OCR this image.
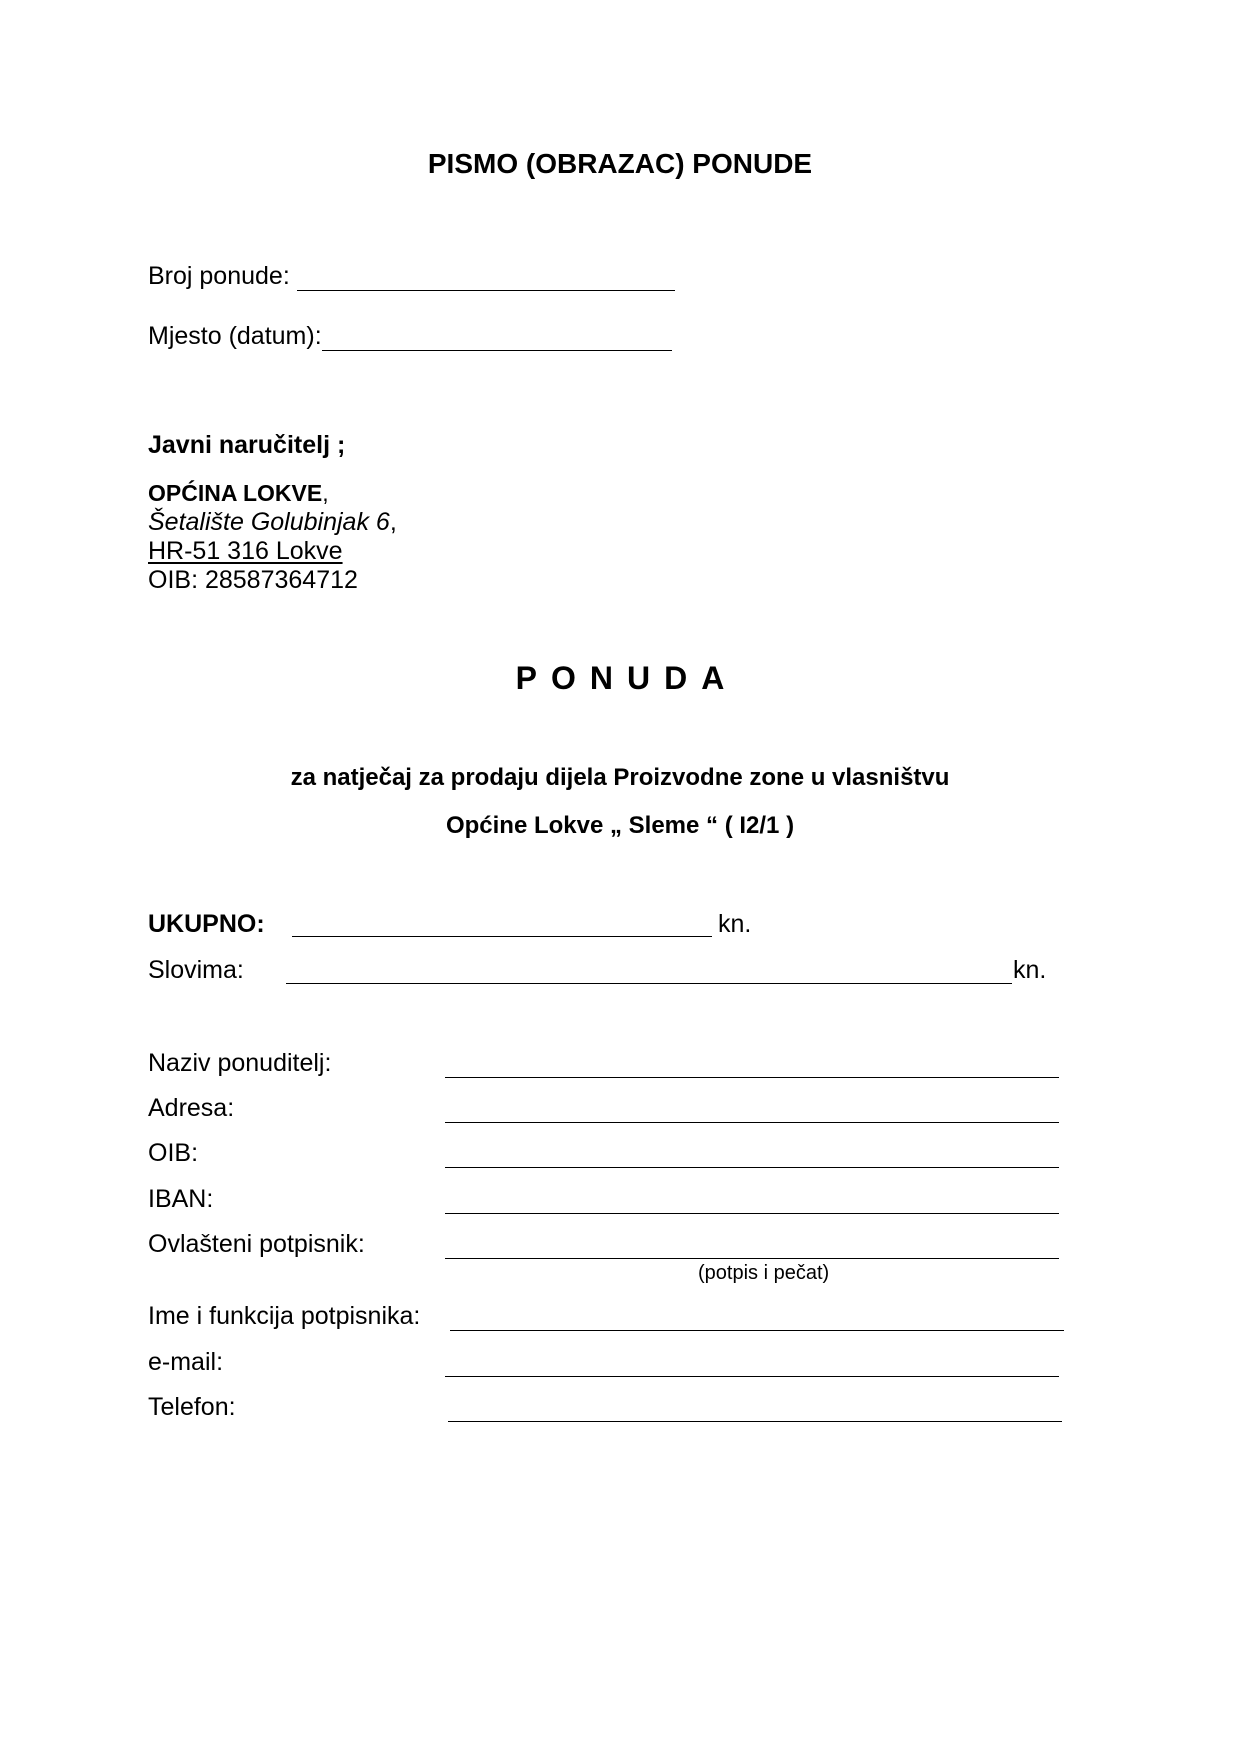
PISMO (OBRAZAC) PONUDE
Broj ponude:
Mjesto (datum):
Javni naručitelj ;
OPĆINA LOKVE,
Šetalište Golubinjak 6,
HR-51 316 Lokve
OIB: 28587364712
PONUDA
za natječaj za prodaju dijela Proizvodne zone u vlasništvu
Općine Lokve „ Sleme “ ( I2/1 )
UKUPNO:	kn.
Slovima:	kn.
Naziv ponuditelj:
Adresa:
OIB:
IBAN:
Ovlašteni potpisnik:
(potpis i pečat)
Ime i funkcija potpisnika:
e-mail:
Telefon:
